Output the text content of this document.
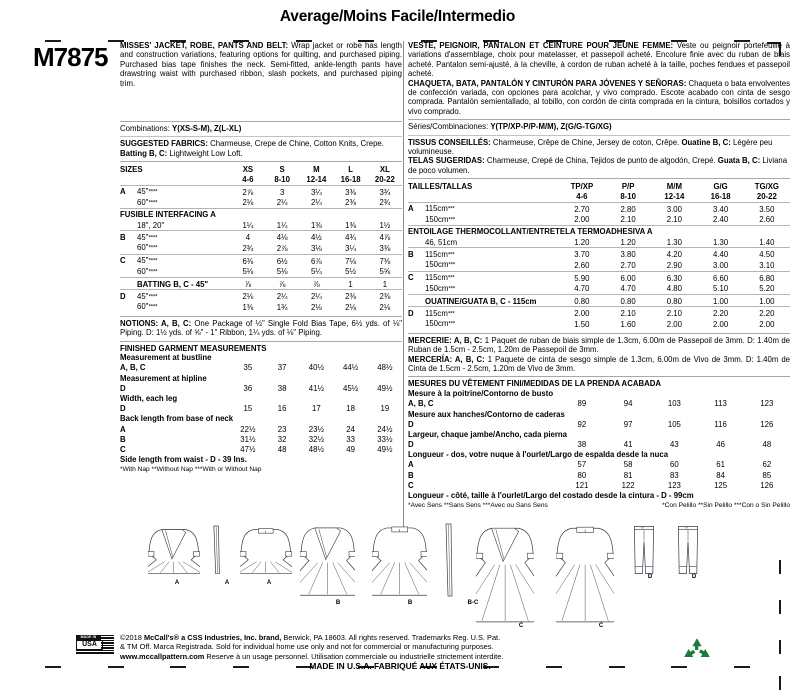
Average/Moins Facile/Intermedio
M7875 MISSES' JACKET, ROBE, PANTS AND BELT: Wrap jacket or robe has length and construction variations, featuring options for quilting, and purchased piping. Purchased bias tape finishes the neck. Semi-fitted, ankle-length pants have drawstring waist with purchased ribbon, slash pockets, and purchased piping trim.

Combinations: Y(XS-S-M), Z(L-XL)
SUGGESTED FABRICS: Charmeuse, Crepe de Chine, Cotton Knits, Crepe. Batting B, C: Lightweight Low Loft.
SIZES	XS	S	M	L	XL
	4-6	8-10	12-14	16-18	20-22
A 45"****	2⅞	3	3¼	3⅜	3¾
60"****	2⅛	2¼	2¼	2⅜	2¾
FUSIBLE INTERFACING A					
18", 20"	1¼	1¼	1⅜	1⅜	1½
B 45"****	4	4⅛	4½	4¾	4⅞
60"****	2¾	2⅞	3⅛	3¼	3⅜
C 45"****	6⅜	6½	6⅞	7⅛	7⅜
60"****	5⅛	5⅛	5¼	5½	5⅝
BATTING B, C - 45"	⅞	⅞	⅞	1	1
D 45"****	2⅛	2¼	2¼	2⅜	2⅜
60"****	1⅜	1¾	2⅛	2⅛	2⅛
NOTIONS: A, B, C: One Package of ½" Single Fold Bias Tape, 6½ yds. of ⅛" Piping. D: 1½ yds. of ⅝" - 1" Ribbon, 1¼ yds. of ⅛" Piping.
FINISHED GARMENT MEASUREMENTS
Measurement at bustline					
A, B, C	35	37	40½	44½	48½
Measurement at hipline					
D	36	38	41½	45½	49½
Width, each leg					
D	15	16	17	18	19
Back length from base of neck					
A	22½	23	23½	24	24½
B	31½	32	32½	33	33½
C	47½	48	48½	49	49½
Side length from waist - D - 39 Ins.
*With Nap **Without Nap ***With or Without Nap

VESTE, PEIGNOIR, PANTALON ET CEINTURE POUR JEUNE FEMME: Veste ou peignoir portefeuille à variations d'assemblage, choix pour matelasser, et passepoil acheté. Encolure finie avec du ruban de biais acheté. Pantalon semi-ajusté, à la cheville, à cordon de ruban acheté à la taille, poches fendues et passepoil acheté.

CHAQUETA, BATA, PANTALÓN Y CINTURÓN PARA JÓVENES Y SEÑORAS: Chaqueta o bata envolventes de confección variada, con opciones para acolchar, y vivo comprado. Escote acabado con cinta de sesgo comprada. Pantalón semientallado, al tobillo, con cordón de cinta comprada en la cintura, bolsillos cortados y vivo comprado.

Séries/Combinaciones: Y(TP/XP-P/P-M/M), Z(G/G-TG/XG)
TISSUS CONSEILLÉS: Charmeuse, Crêpe de Chine, Jersey de coton, Crêpe. Ouatine B, C: Légère peu volumineuse.
TELAS SUGERIDAS: Charmeuse, Crepé de China, Tejidos de punto de algodón, Crepé. Guata B, C: Liviana de poco volumen.
TAILLES/TALLAS	TP/XP	P/P	M/M	G/G	TG/XG
	4-6	8-10	12-14	16-18	20-22
A 115cm***	2.70	2.80	3.00	3.40	3.50
150cm***	2.00	2.10	2.10	2.40	2.60
ENTOILAGE THERMOCOLLANT/ENTRETELA TERMOADHESIVA A					
46, 51cm	1.20	1.20	1.30	1.30	1.40
B 115cm***	3.70	3.80	4.20	4.40	4.50
150cm***	2.60	2.70	2.90	3.00	3.10
C 115cm***	5.90	6.00	6.30	6.60	6.80
150cm***	4.70	4.70	4.80	5.10	5.20
OUATINE/GUATA B, C - 115cm	0.80	0.80	0.80	1.00	1.00
D 115cm***	2.00	2.10	2.10	2.20	2.20
150cm***	1.50	1.60	2.00	2.00	2.00
MERCERIE: A, B, C: 1 Paquet de ruban de biais simple de 1.3cm, 6.00m de Passepoil de 3mm. D: 1.40m de Ruban de 1.5cm - 2.5cm, 1.20m de Passepoil de 3mm.
MERCERÍA: A, B, C: 1 Paquete de cinta de sesgo simple de 1.3cm, 6.00m de Vivo de 3mm. D: 1.40m de Cinta de 1.5cm - 2.5cm, 1.20m de Vivo de 3mm.
MESURES DU VÊTEMENT FINI/MEDIDAS DE LA PRENDA ACABADA
Mesure à la poitrine/Contorno de busto					
A, B, C	89	94	103	113	123
Mesure aux hanches/Contorno de caderas					
D	92	97	105	116	126
Largeur, chaque jambe/Ancho, cada pierna					
D	38	41	43	46	48
Longueur - dos, votre nuque à l'ourlet/Largo de espalda desde la nuca					
A	57	58	60	61	62
B	80	81	83	84	85
C	121	122	123	125	126
Longueur - côté, taille à l'ourlet/Largo del costado desde la cintura - D - 99cm
*Avec Sens **Sans Sens ***Avec ou Sans Sens	*Con Pelillo **Sin Pelillo ***Con o Sin Pelillo
A	A	A
B	B	B-C
C	C
D	D
MADE IN
USA
©2018 McCall's® a CSS Industries, Inc. brand, Berwick, PA 18603. All rights reserved. Trademarks Reg. U.S. Pat.
& TM Off. Marca Registrada. Sold for individual home use only and not for commercial or manufacturing purposes.
www.mccallpattern.com Reserve à un usage personnel. Utilisation commerciale ou industrielle strictement interdite.
MADE IN U.S.A. FABRIQUÉ AUX ÉTATS-UNIS.
